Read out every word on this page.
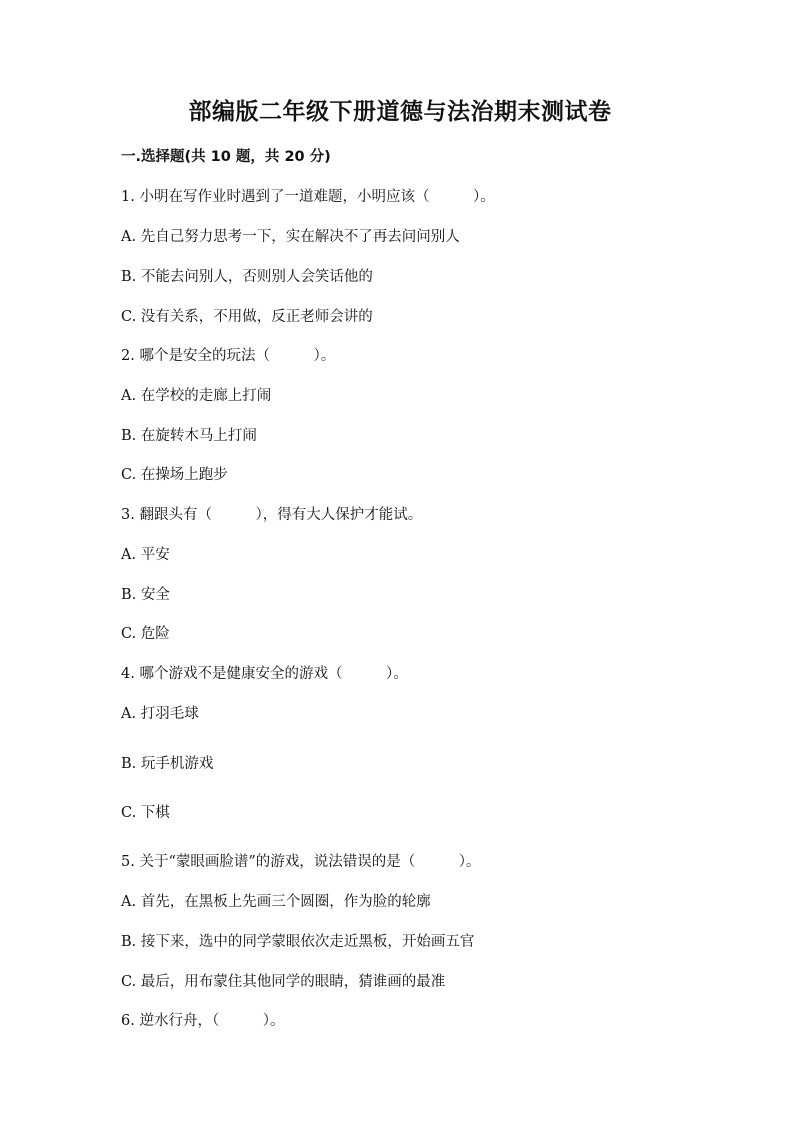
部编版二年级下册道德与法治期末测试卷
一.选择题(共 10 题，共 20 分)
1. 小明在写作业时遇到了一道难题，小明应该（　　　）。
A. 先自己努力思考一下，实在解决不了再去问问别人
B. 不能去问别人，否则别人会笑话他的
C. 没有关系，不用做，反正老师会讲的
2. 哪个是安全的玩法（　　　）。
A. 在学校的走廊上打闹
B. 在旋转木马上打闹
C. 在操场上跑步
3. 翻跟头有（　　　），得有大人保护才能试。
A. 平安
B. 安全
C. 危险
4. 哪个游戏不是健康安全的游戏（　　　）。
A. 打羽毛球
B. 玩手机游戏
C. 下棋
5. 关于“蒙眼画脸谱”的游戏，说法错误的是（　　　）。
A. 首先，在黑板上先画三个圆圈，作为脸的轮廓
B. 接下来，选中的同学蒙眼依次走近黑板，开始画五官
C. 最后，用布蒙住其他同学的眼睛，猜谁画的最准
6. 逆水行舟，（　　　）。
